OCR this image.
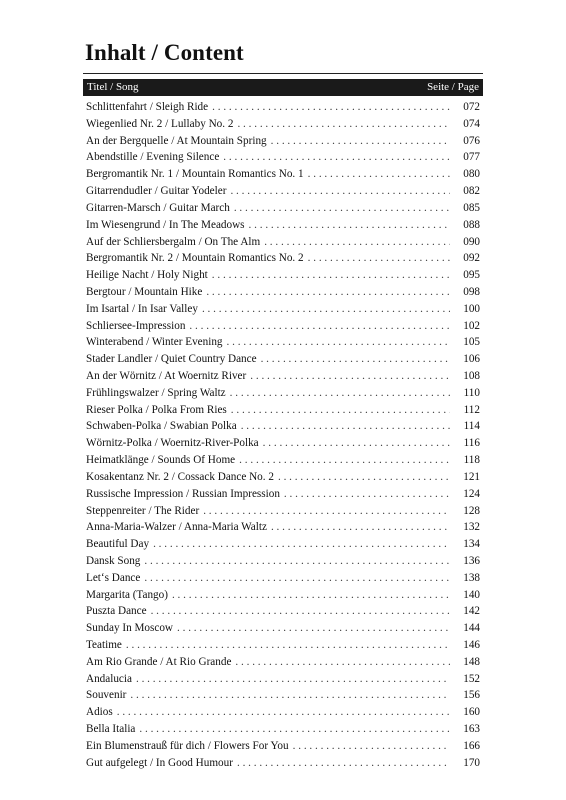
Inhalt / Content
Titel / Song	Seite / Page
Schlittenfahrt / Sleigh Ride . . .	072
Wiegenlied Nr. 2 / Lullaby No. 2 . . .	074
An der Bergquelle / At Mountain Spring . . .	076
Abendstille / Evening Silence . . .	077
Bergromantik Nr. 1 / Mountain Romantics No. 1 . . .	080
Gitarrendudler / Guitar Yodeler . . .	082
Gitarren-Marsch / Guitar March . . .	085
Im Wiesengrund / In The Meadows . . .	088
Auf der Schliersbergalm / On The Alm . . .	090
Bergromantik Nr. 2 / Mountain Romantics No. 2 . . .	092
Heilige Nacht / Holy Night . . .	095
Bergtour / Mountain Hike . . .	098
Im Isartal / In Isar Valley . . .	100
Schliersee-Impression . . .	102
Winterabend / Winter Evening . . .	105
Stader Landler / Quiet Country Dance . . .	106
An der Wörnitz / At Woernitz River . . .	108
Frühlingswalzer / Spring Waltz . . .	110
Rieser Polka / Polka From Ries . . .	112
Schwaben-Polka / Swabian Polka . . .	114
Wörnitz-Polka / Woernitz-River-Polka . . .	116
Heimatklänge / Sounds Of Home . . .	118
Kosakentanz Nr. 2 / Cossack Dance No. 2 . . .	121
Russische Impression / Russian Impression . . .	124
Steppenreiter / The Rider . . .	128
Anna-Maria-Walzer / Anna-Maria Waltz . . .	132
Beautiful Day . . .	134
Dansk Song . . .	136
Let‘s Dance . . .	138
Margarita (Tango) . . .	140
Puszta Dance . . .	142
Sunday In Moscow . . .	144
Teatime . . .	146
Am Rio Grande / At Rio Grande . . .	148
Andalucia . . .	152
Souvenir . . .	156
Adios . . .	160
Bella Italia . . .	163
Ein Blumenstrauß für dich / Flowers For You . . .	166
Gut aufgelegt / In Good Humour . . .	170
